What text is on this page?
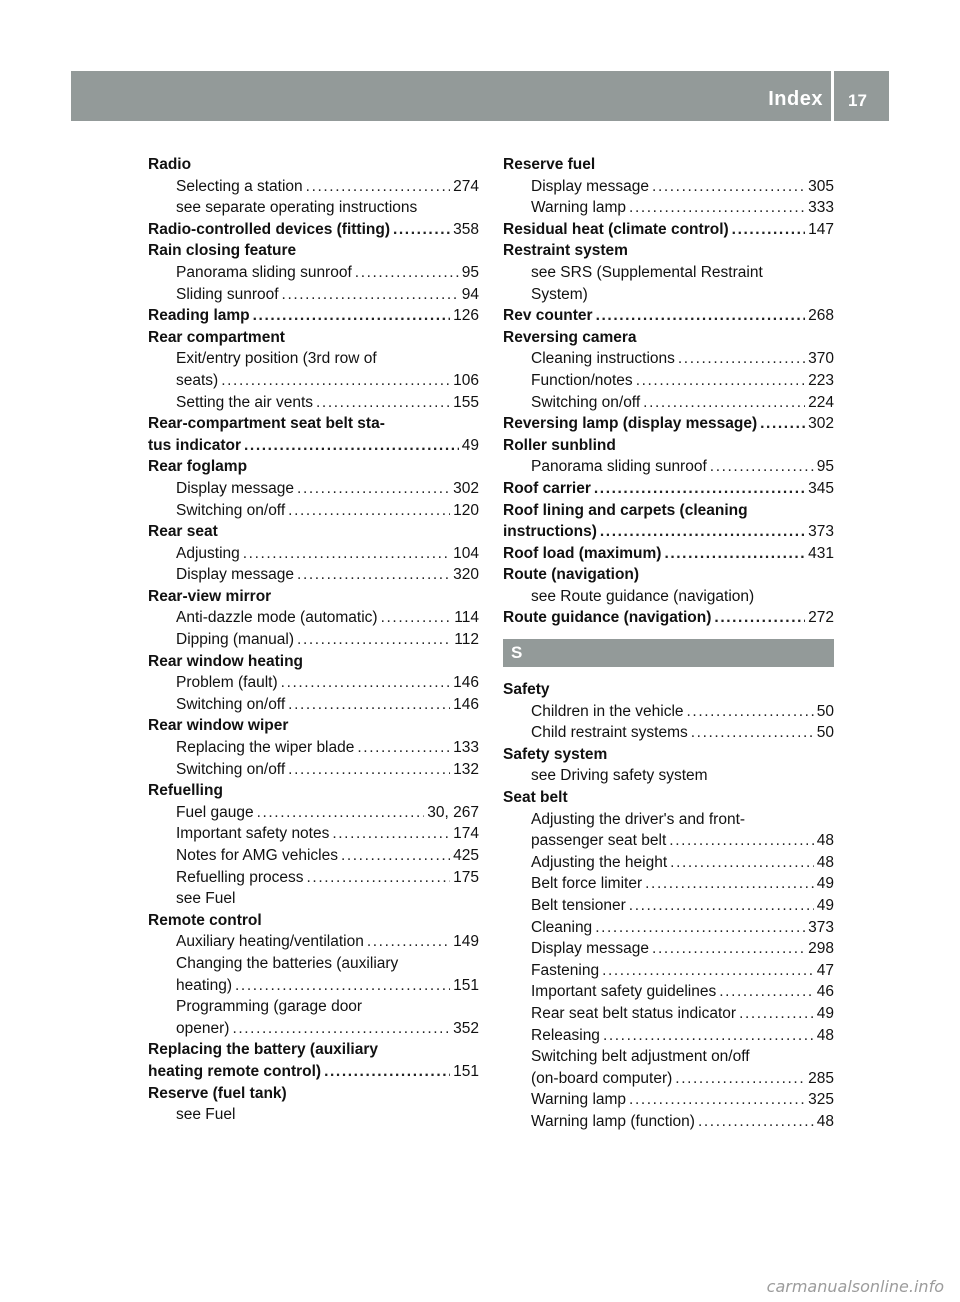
Index 17
Radio
Selecting a station .....	274
see separate operating instructions
Radio-controlled devices (fitting) .....	358
Rain closing feature
Panorama sliding sunroof .....	95
Sliding sunroof .....	94
Reading lamp .....	126
Rear compartment
Exit/entry position (3rd row of
seats) .....	106
Setting the air vents .....	155
Rear-compartment seat belt sta-
tus indicator .....	49
Rear foglamp
Display message .....	302
Switching on/off .....	120
Rear seat
Adjusting .....	104
Display message .....	320
Rear-view mirror
Anti-dazzle mode (automatic) .....	114
Dipping (manual) .....	112
Rear window heating
Problem (fault) .....	146
Switching on/off .....	146
Rear window wiper
Replacing the wiper blade .....	133
Switching on/off .....	132
Refuelling
Fuel gauge .....	30, 267
Important safety notes .....	174
Notes for AMG vehicles .....	425
Refuelling process .....	175
see Fuel
Remote control
Auxiliary heating/ventilation .....	149
Changing the batteries (auxiliary
heating) .....	151
Programming (garage door
opener) .....	352
Replacing the battery (auxiliary
heating remote control) .....	151
Reserve (fuel tank)
see Fuel
Reserve fuel
Display message .....	305
Warning lamp .....	333
Residual heat (climate control) .....	147
Restraint system
see SRS (Supplemental Restraint
System)
Rev counter .....	268
Reversing camera
Cleaning instructions .....	370
Function/notes .....	223
Switching on/off .....	224
Reversing lamp (display message) .....	302
Roller sunblind
Panorama sliding sunroof .....	95
Roof carrier .....	345
Roof lining and carpets (cleaning
instructions) .....	373
Roof load (maximum) .....	431
Route (navigation)
see Route guidance (navigation)
Route guidance (navigation) .....	272
S
Safety
Children in the vehicle .....	50
Child restraint systems .....	50
Safety system
see Driving safety system
Seat belt
Adjusting the driver's and front-
passenger seat belt .....	48
Adjusting the height .....	48
Belt force limiter .....	49
Belt tensioner .....	49
Cleaning .....	373
Display message .....	298
Fastening .....	47
Important safety guidelines .....	46
Rear seat belt status indicator .....	49
Releasing .....	48
Switching belt adjustment on/off
(on-board computer) .....	285
Warning lamp .....	325
Warning lamp (function) .....	48
carmanualsonline.info
